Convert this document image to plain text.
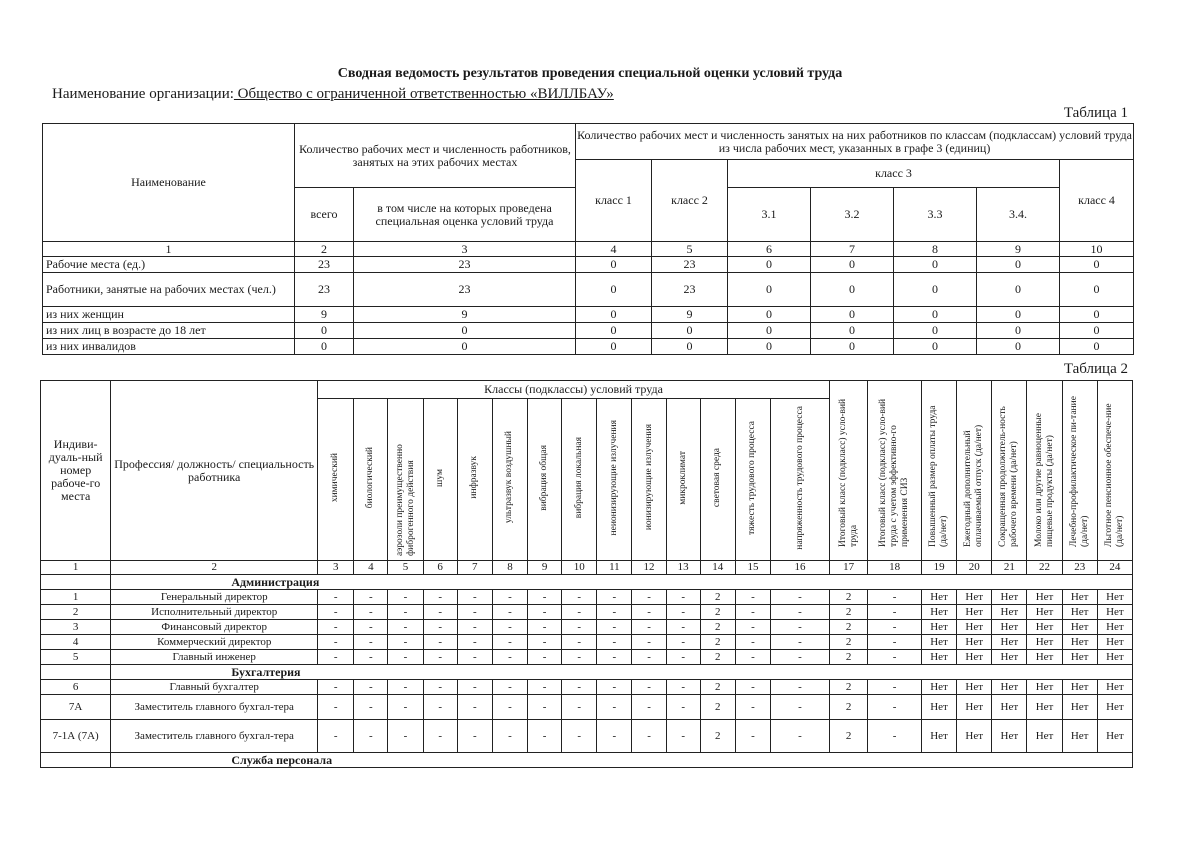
Сводная ведомость результатов проведения специальной оценки условий труда
Наименование организации: Общество с ограниченной ответственностью «ВИЛЛБАУ»
Таблица 1
Наименование	Количество рабочих мест и численность работников, занятых на этих рабочих местах		Количество рабочих мест и численность занятых на них работников по классам (подклассам) условий труда из числа рабочих мест, указанных в графе 3 (единиц)						
			класс 1	класс 2	класс 3				класс 4
	всего	в том числе на которых проведена специальная оценка условий труда			3.1	3.2	3.3	3.4.	
1	2	3	4	5	6	7	8	9	10
Рабочие места (ед.)	23	23	0	23	0	0	0	0	0
Работники, занятые на рабочих местах (чел.)	23	23	0	23	0	0	0	0	0
из них женщин	9	9	0	9	0	0	0	0	0
из них лиц в возрасте до 18 лет	0	0	0	0	0	0	0	0	0
из них инвалидов	0	0	0	0	0	0	0	0	0
Таблица 2
Индиви-дуаль-ный номер рабоче-го места	Профессия/ должность/ специальность работника	Классы (подклассы) условий труда														Итоговый класс (подкласс) усло-вий труда	Итоговый класс (подкласс) усло-вий труда с учетом эффективно-го применения СИЗ	Повышенный размер оплаты труда (да/нет)	Ежегодный дополнительный оплачиваемый отпуск (да/нет)	Сокращенная продолжитель-ность рабочего времени (да/нет)	Молоко или другие равноценные пищевые продукты (да/нет)	Лечебно-профилактическое пи-тание (да/нет)	Льготное пенсионное обеспече-ние (да/нет)
		химический	биологический	аэрозоли преимущественно фиброгенного действия	шум	инфразвук	ультразвук воздушный	вибрация общая	вибрация локальная	неионизирующие излучения	ионизирующие излучения	микроклимат	световая среда	тяжесть трудового процесса	напряженность трудового процесса								
1	2	3	4	5	6	7	8	9	10	11	12	13	14	15	16	17	18	19	20	21	22	23	24
	Администрация																						
1	Генеральный директор	-	-	-	-	-	-	-	-	-	-	-	2	-	-	2	-	Нет	Нет	Нет	Нет	Нет	Нет
2	Исполнительный директор	-	-	-	-	-	-	-	-	-	-	-	2	-	-	2	-	Нет	Нет	Нет	Нет	Нет	Нет
3	Финансовый директор	-	-	-	-	-	-	-	-	-	-	-	2	-	-	2	-	Нет	Нет	Нет	Нет	Нет	Нет
4	Коммерческий директор	-	-	-	-	-	-	-	-	-	-	-	2	-	-	2	-	Нет	Нет	Нет	Нет	Нет	Нет
5	Главный инженер	-	-	-	-	-	-	-	-	-	-	-	2	-	-	2	-	Нет	Нет	Нет	Нет	Нет	Нет
	Бухгалтерия																						
6	Главный бухгалтер	-	-	-	-	-	-	-	-	-	-	-	2	-	-	2	-	Нет	Нет	Нет	Нет	Нет	Нет
7А	Заместитель главного бухгал-тера	-	-	-	-	-	-	-	-	-	-	-	2	-	-	2	-	Нет	Нет	Нет	Нет	Нет	Нет
7-1А (7А)	Заместитель главного бухгал-тера	-	-	-	-	-	-	-	-	-	-	-	2	-	-	2	-	Нет	Нет	Нет	Нет	Нет	Нет
	Служба персонала																						
